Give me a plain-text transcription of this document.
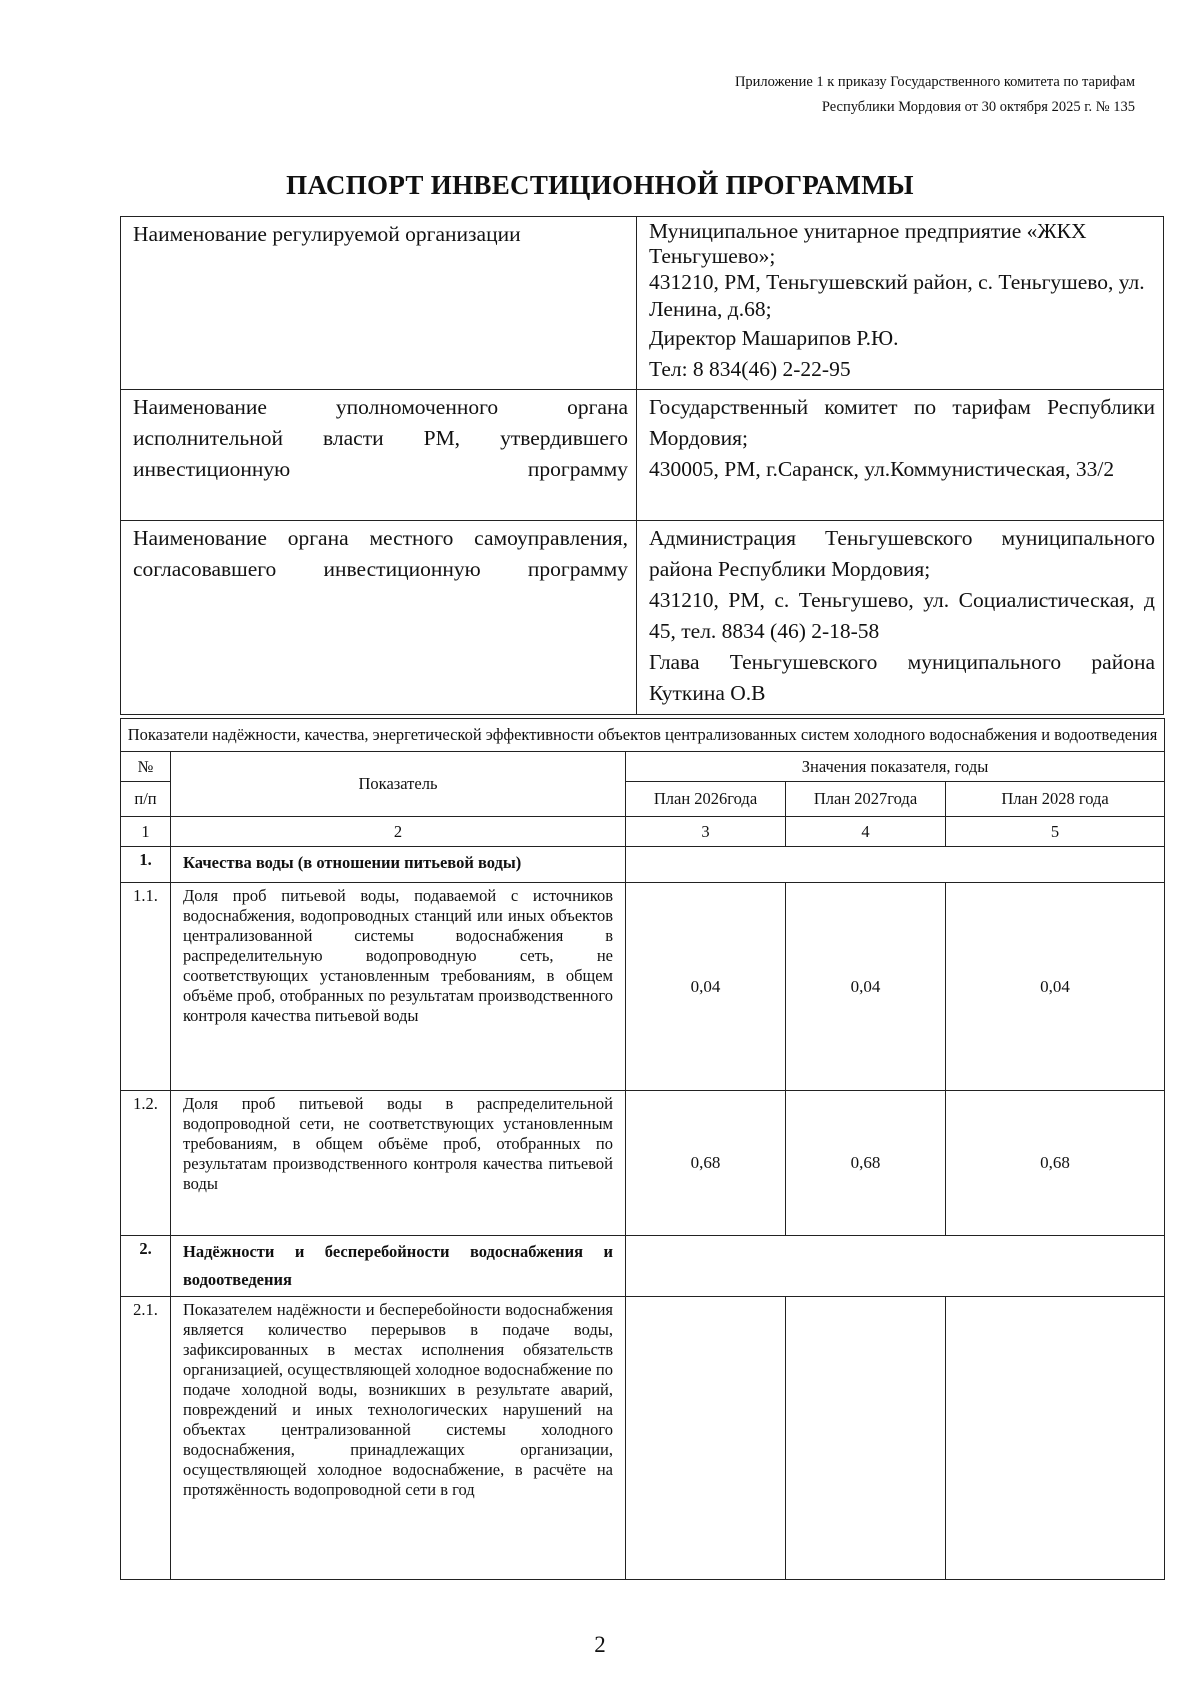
Приложение 1 к приказу Государственного комитета по тарифам
Республики Мордовия от 30 октября 2025 г. № 135
ПАСПОРТ ИНВЕСТИЦИОННОЙ ПРОГРАММЫ
Наименование регулируемой организации	Муниципальное унитарное предприятие «ЖКХ Теньгушево»;
431210, РМ, Теньгушевский район, с. Теньгушево, ул. Ленина, д.68;
Директор Машарипов Р.Ю.
Тел: 8 834(46) 2-22-95

Наименование уполномоченного органа исполнительной власти РМ, утвердившего инвестиционную программу	Государственный комитет по тарифам Республики Мордовия;
430005, РМ, г.Саранск, ул.Коммунистическая, 33/2

Наименование органа местного самоуправления, согласовавшего инвестиционную программу	Администрация Теньгушевского муниципального района Республики Мордовия;
431210, РМ, с. Теньгушево, ул. Социалистическая, д 45, тел. 8834 (46) 2-18-58
Глава Теньгушевского муниципального района Куткина О.В
Показатели надёжности, качества, энергетической эффективности объектов централизованных систем холодного водоснабжения и водоотведения				
№	Показатель	Значения показателя, годы		
п/п		План 2026года	План 2027года	План 2028 года
1	2	3	4	5
1.	Качества воды (в отношении питьевой воды)			
1.1.	Доля проб питьевой воды, подаваемой с источников водоснабжения, водопроводных станций или иных объектов централизованной системы водоснабжения в распределительную водопроводную сеть, не соответствующих установленным требованиям, в общем объёме проб, отобранных по результатам производственного контроля качества питьевой воды	0,04	0,04	0,04
1.2.	Доля проб питьевой воды в распределительной водопроводной сети, не соответствующих установленным требованиям, в общем объёме проб, отобранных по результатам производственного контроля качества питьевой воды	0,68	0,68	0,68
2.	Надёжности и бесперебойности водоснабжения и водоотведения			
2.1.	Показателем надёжности и бесперебойности водоснабжения является количество перерывов в подаче воды, зафиксированных в местах исполнения обязательств организацией, осуществляющей холодное водоснабжение по подаче холодной воды, возникших в результате аварий, повреждений и иных технологических нарушений на объектах централизованной системы холодного водоснабжения, принадлежащих организации, осуществляющей холодное водоснабжение, в расчёте на протяжённость водопроводной сети в год			
2
